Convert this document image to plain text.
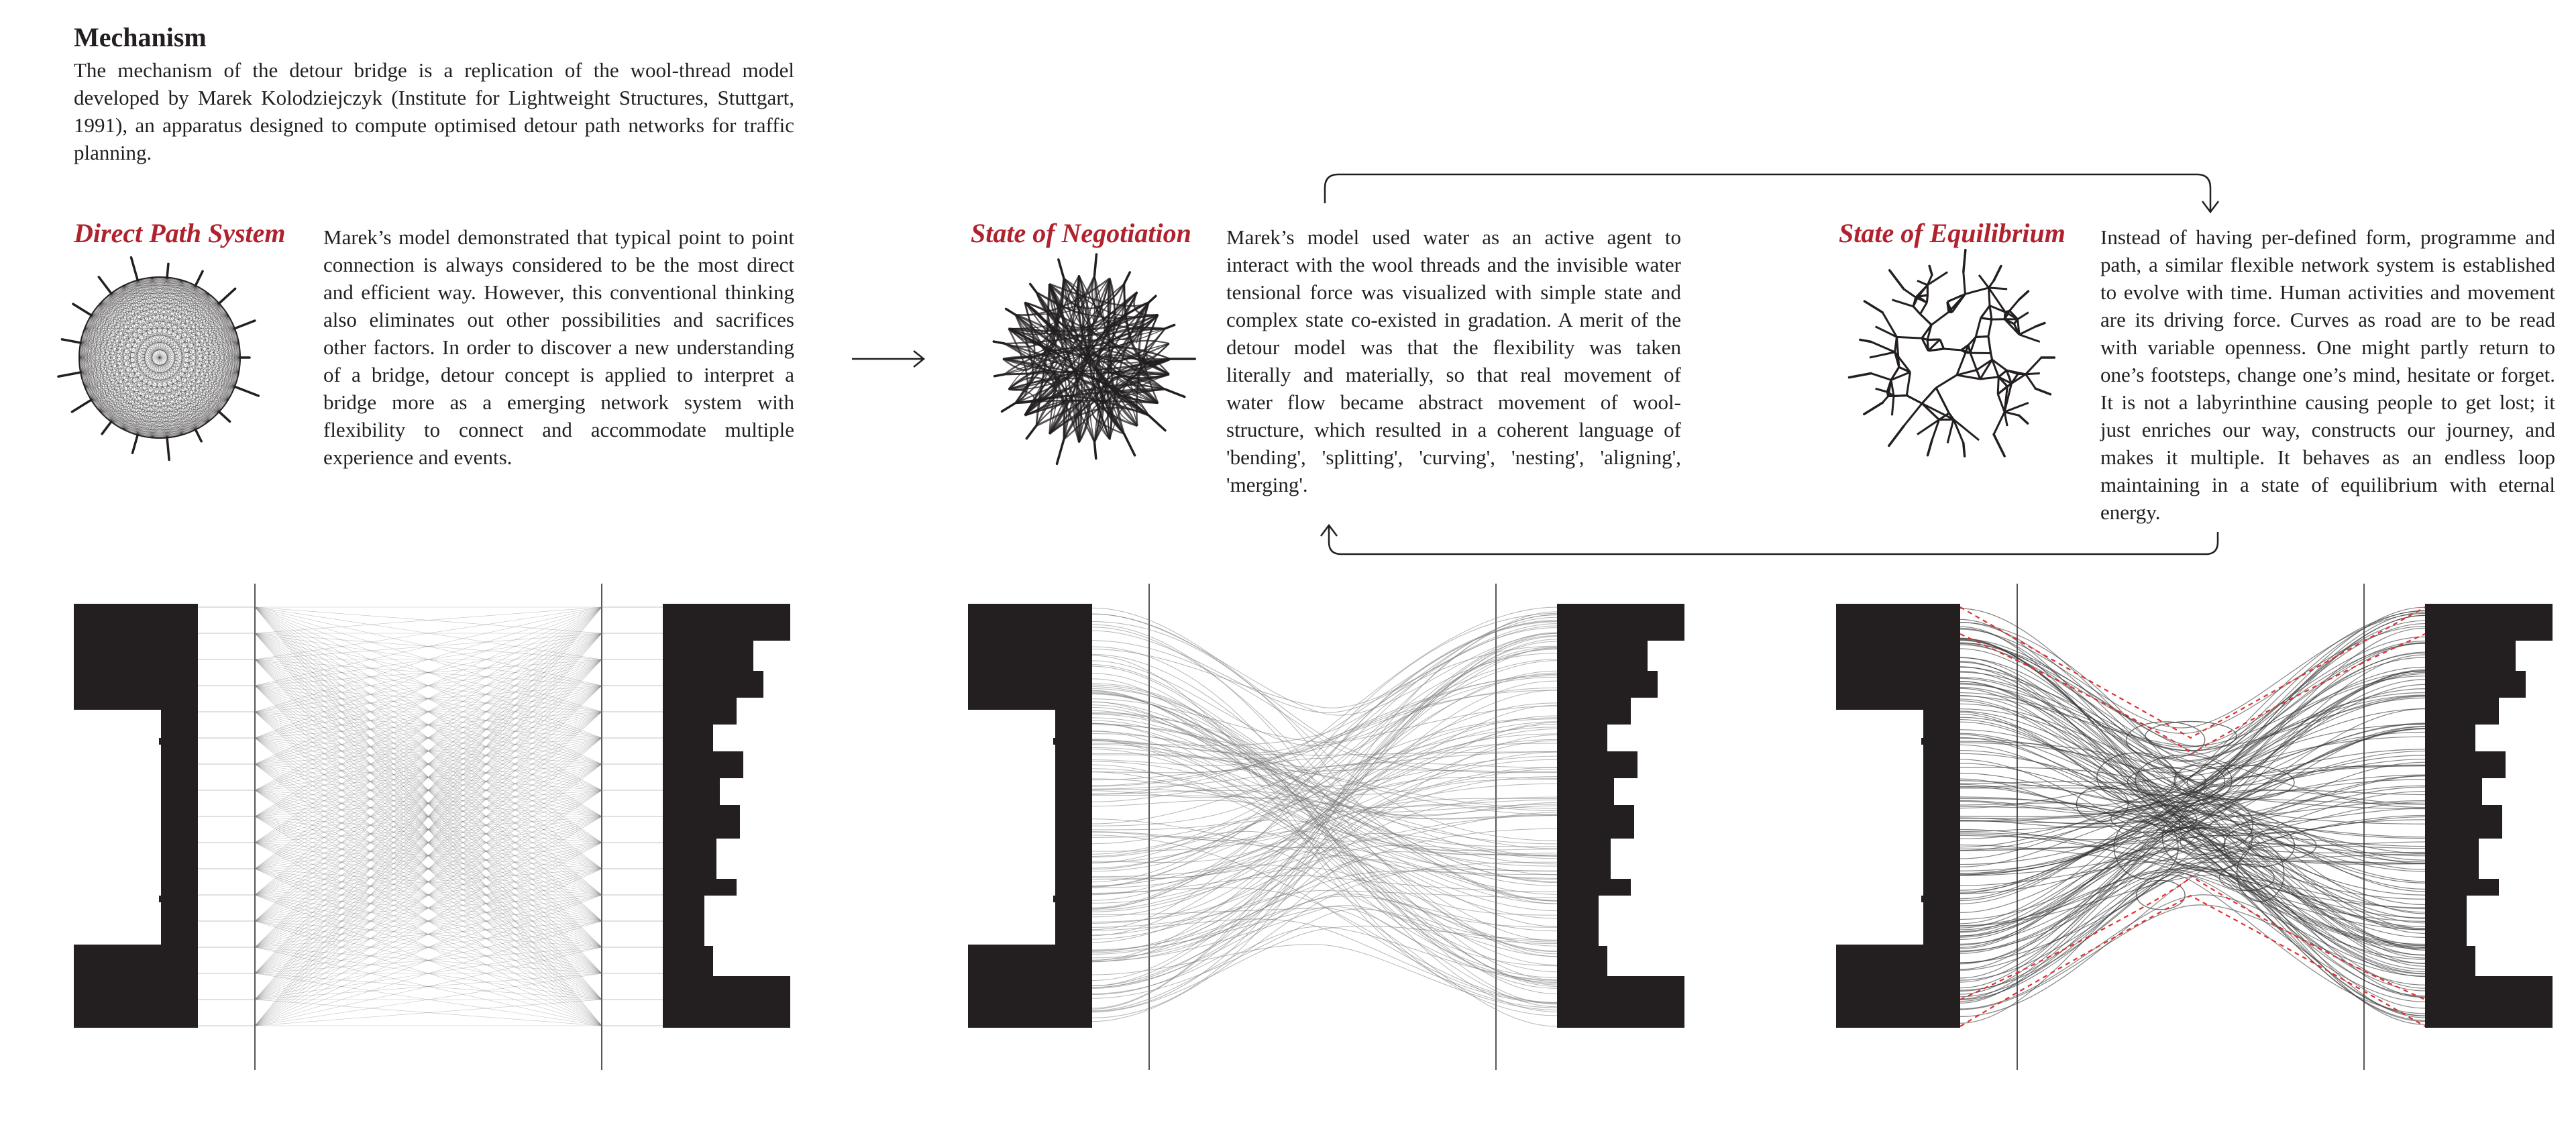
Mechanism
The mechanism of the detour bridge is a replication of the wool-thread model developed by Marek Kolodziejczyk (Institute for Lightweight Structures, Stuttgart, 1991), an apparatus designed to compute optimised detour path networks for traffic planning.
Direct Path System Marek’s model demonstrated that typical point to point connection is always considered to be the most direct and efficient way. However, this conventional thinking also eliminates out other possibilities and sacrifices other factors. In order to discover a new understanding of a bridge, detour concept is applied to interpret a bridge more as a emerging network system with flexibility to connect and accommodate multiple experience and events.
State of Negotiation Marek’s model used water as an active agent to interact with the wool threads and the invisible water tensional force was visualized with simple state and complex state co-existed in gradation. A merit of the detour model was that the flexibility was taken literally and materially, so that real movement of water flow became abstract movement of wool-structure, which resulted in a coherent language of 'bending', 'splitting', 'curving', 'nesting', 'aligning', 'merging'.
State of Equilibrium Instead of having per-defined form, programme and path, a similar flexible network system is established to evolve with time. Human activities and movement are its driving force. Curves as road are to be read with variable openness. One might partly return to one’s footsteps, change one’s mind, hesitate or forget. It is not a labyrinthine causing people to get lost; it just enriches our way, constructs our journey, and makes it multiple. It behaves as an endless loop maintaining in a state of equilibrium with eternal energy.
